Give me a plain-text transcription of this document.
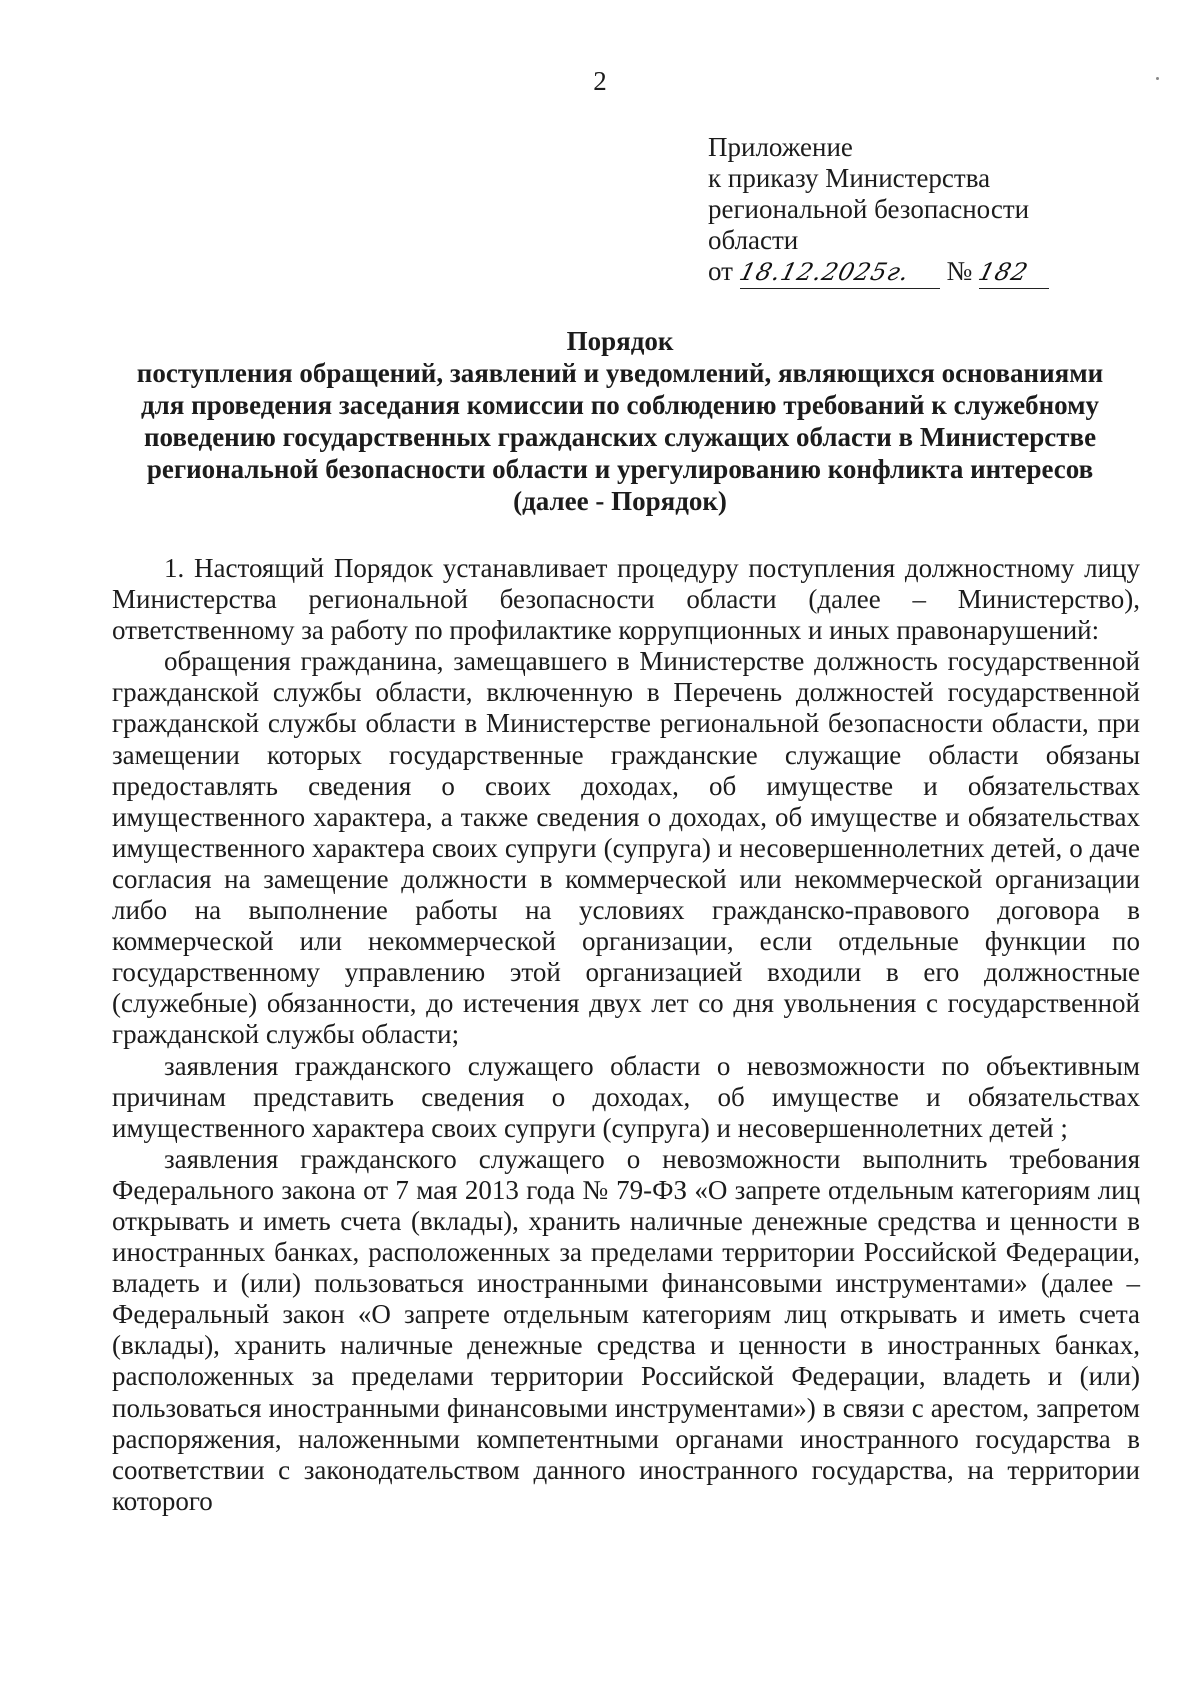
2
Приложение
к приказу Министерства
региональной безопасности
области
от 18.12.2025г. № 182
Порядок
поступления обращений, заявлений и уведомлений, являющихся основаниями
для проведения заседания комиссии по соблюдению требований к служебному
поведению государственных гражданских служащих области в Министерстве
региональной безопасности области и урегулированию конфликта интересов
(далее - Порядок)

1. Настоящий Порядок устанавливает процедуру поступления должностному лицу Министерства региональной безопасности области (далее – Министерство), ответственному за работу по профилактике коррупционных и иных правонарушений:

обращения гражданина, замещавшего в Министерстве должность государственной гражданской службы области, включенную в Перечень должностей государственной гражданской службы области в Министерстве региональной безопасности области, при замещении которых государственные гражданские служащие области обязаны предоставлять сведения о своих доходах, об имуществе и обязательствах имущественного характера, а также сведения о доходах, об имуществе и обязательствах имущественного характера своих супруги (супруга) и несовершеннолетних детей, о даче согласия на замещение должности в коммерческой или некоммерческой организации либо на выполнение работы на условиях гражданско-правового договора в коммерческой или некоммерческой организации, если отдельные функции по государственному управлению этой организацией входили в его должностные (служебные) обязанности, до истечения двух лет со дня увольнения с государственной гражданской службы области;

заявления гражданского служащего области о невозможности по объективным причинам представить сведения о доходах, об имуществе и обязательствах имущественного характера своих супруги (супруга) и несовершеннолетних детей ;

заявления гражданского служащего о невозможности выполнить требования Федерального закона от 7 мая 2013 года № 79-ФЗ «О запрете отдельным категориям лиц открывать и иметь счета (вклады), хранить наличные денежные средства и ценности в иностранных банках, расположенных за пределами территории Российской Федерации, владеть и (или) пользоваться иностранными финансовыми инструментами» (далее – Федеральный закон «О запрете отдельным категориям лиц открывать и иметь счета (вклады), хранить наличные денежные средства и ценности в иностранных банках, расположенных за пределами территории Российской Федерации, владеть и (или) пользоваться иностранными финансовыми инструментами») в связи с арестом, запретом распоряжения, наложенными компетентными органами иностранного государства в соответствии с законодательством данного иностранного государства, на территории которого
